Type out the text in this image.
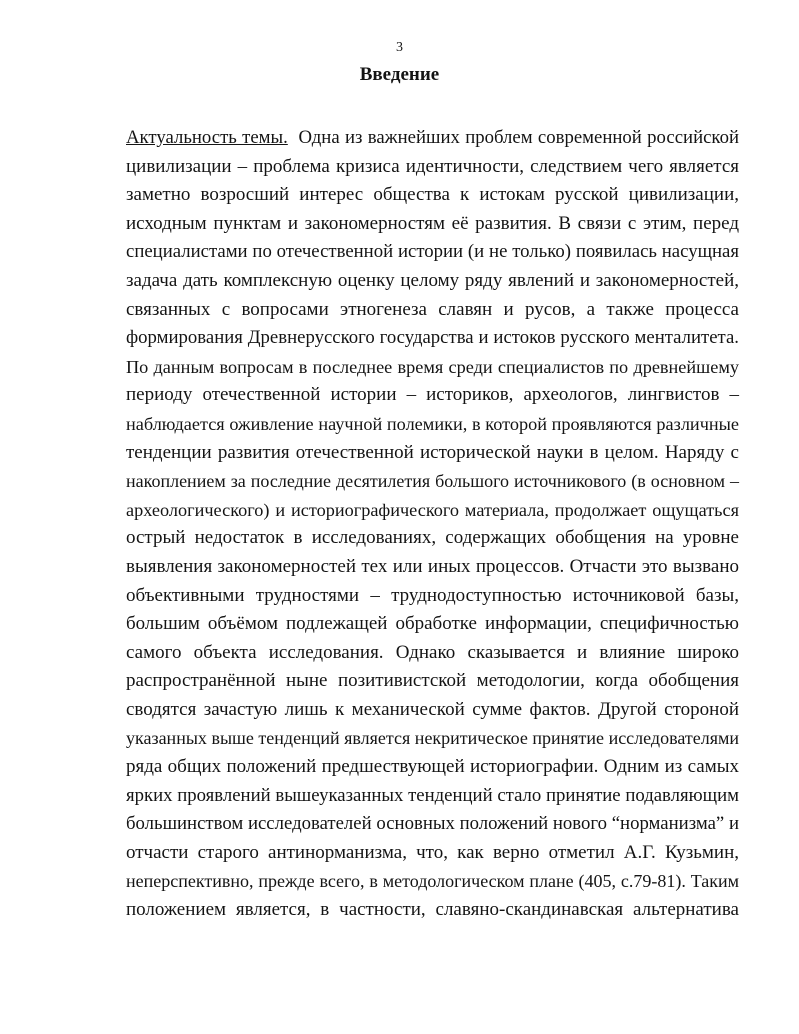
3
Введение
Актуальность темы. Одна из важнейших проблем современной российской
цивилизации – проблема кризиса идентичности, следствием чего является
заметно возросший интерес общества к истокам русской цивилизации,
исходным пунктам и закономерностям её развития. В связи с этим, перед
специалистами по отечественной истории (и не только) появилась насущная
задача дать комплексную оценку целому ряду явлений и закономерностей,
связанных с вопросами этногенеза славян и русов, а также процесса
формирования Древнерусского государства и истоков русского менталитета.
По данным вопросам в последнее время среди специалистов по древнейшему
периоду отечественной истории – историков, археологов, лингвистов –
наблюдается оживление научной полемики, в которой проявляются различные
тенденции развития отечественной исторической науки в целом. Наряду с
накоплением за последние десятилетия большого источникового (в основном –
археологического) и историографического материала, продолжает ощущаться
острый недостаток в исследованиях, содержащих обобщения на уровне
выявления закономерностей тех или иных процессов. Отчасти это вызвано
объективными трудностями – труднодоступностью источниковой базы,
большим объёмом подлежащей обработке информации, специфичностью
самого объекта исследования. Однако сказывается и влияние широко
распространённой ныне позитивистской методологии, когда обобщения
сводятся зачастую лишь к механической сумме фактов. Другой стороной
указанных выше тенденций является некритическое принятие исследователями
ряда общих положений предшествующей историографии. Одним из самых
ярких проявлений вышеуказанных тенденций стало принятие подавляющим
большинством исследователей основных положений нового “норманизма” и
отчасти старого антинорманизма, что, как верно отметил А.Г. Кузьмин,
неперспективно, прежде всего, в методологическом плане (405, с.79-81). Таким
положением является, в частности, славяно-скандинавская альтернатива
